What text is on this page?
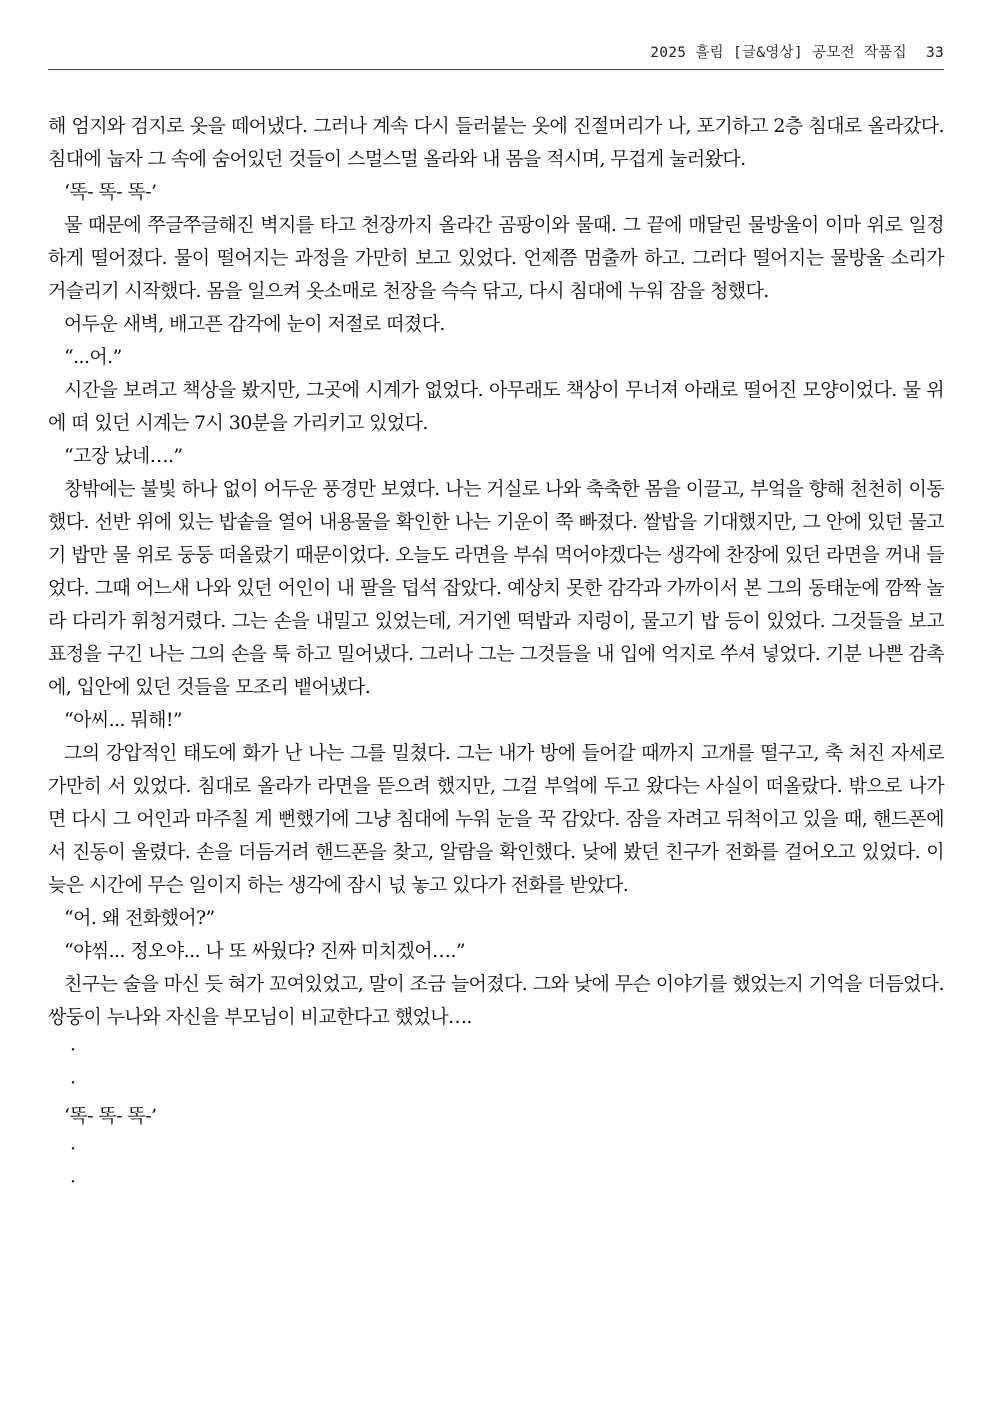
2025 흘림 [글&영상] 공모전 작품집 33

해 엄지와 검지로 옷을 떼어냈다. 그러나 계속 다시 들러붙는 옷에 진절머리가 나, 포기하고 2층 침대로 올라갔다. 침대에 눕자 그 속에 숨어있던 것들이 스멀스멀 올라와 내 몸을 적시며, 무겁게 눌러왔다.

‘똑- 똑- 똑-’

물 때문에 쭈글쭈글해진 벽지를 타고 천장까지 올라간 곰팡이와 물때. 그 끝에 매달린 물방울이 이마 위로 일정하게 떨어졌다. 물이 떨어지는 과정을 가만히 보고 있었다. 언제쯤 멈출까 하고. 그러다 떨어지는 물방울 소리가 거슬리기 시작했다. 몸을 일으켜 옷소매로 천장을 슥슥 닦고, 다시 침대에 누워 잠을 청했다.

어두운 새벽, 배고픈 감각에 눈이 저절로 떠졌다.

“...어.”

시간을 보려고 책상을 봤지만, 그곳에 시계가 없었다. 아무래도 책상이 무너져 아래로 떨어진 모양이었다. 물 위에 떠 있던 시계는 7시 30분을 가리키고 있었다.

“고장 났네….”

창밖에는 불빛 하나 없이 어두운 풍경만 보였다. 나는 거실로 나와 축축한 몸을 이끌고, 부엌을 향해 천천히 이동했다. 선반 위에 있는 밥솥을 열어 내용물을 확인한 나는 기운이 쭉 빠졌다. 쌀밥을 기대했지만, 그 안에 있던 물고기 밥만 물 위로 둥둥 떠올랐기 때문이었다. 오늘도 라면을 부숴 먹어야겠다는 생각에 찬장에 있던 라면을 꺼내 들었다. 그때 어느새 나와 있던 어인이 내 팔을 덥석 잡았다. 예상치 못한 감각과 가까이서 본 그의 동태눈에 깜짝 놀라 다리가 휘청거렸다. 그는 손을 내밀고 있었는데, 거기엔 떡밥과 지렁이, 물고기 밥 등이 있었다. 그것들을 보고 표정을 구긴 나는 그의 손을 툭 하고 밀어냈다. 그러나 그는 그것들을 내 입에 억지로 쑤셔 넣었다. 기분 나쁜 감촉에, 입안에 있던 것들을 모조리 뱉어냈다.

“아씨... 뭐해!”

그의 강압적인 태도에 화가 난 나는 그를 밀쳤다. 그는 내가 방에 들어갈 때까지 고개를 떨구고, 축 처진 자세로 가만히 서 있었다. 침대로 올라가 라면을 뜯으려 했지만, 그걸 부엌에 두고 왔다는 사실이 떠올랐다. 밖으로 나가면 다시 그 어인과 마주칠 게 뻔했기에 그냥 침대에 누워 눈을 꾹 감았다. 잠을 자려고 뒤척이고 있을 때, 핸드폰에서 진동이 울렸다. 손을 더듬거려 핸드폰을 찾고, 알람을 확인했다. 낮에 봤던 친구가 전화를 걸어오고 있었다. 이 늦은 시간에 무슨 일이지 하는 생각에 잠시 넋 놓고 있다가 전화를 받았다.

“어. 왜 전화했어?”

“야씪... 정오야... 나 또 싸웠다? 진짜 미치겠어….”

친구는 술을 마신 듯 혀가 꼬여있었고, 말이 조금 늘어졌다. 그와 낮에 무슨 이야기를 했었는지 기억을 더듬었다. 쌍둥이 누나와 자신을 부모님이 비교한다고 했었나….

·

·

‘똑- 똑- 똑-’

·

·
